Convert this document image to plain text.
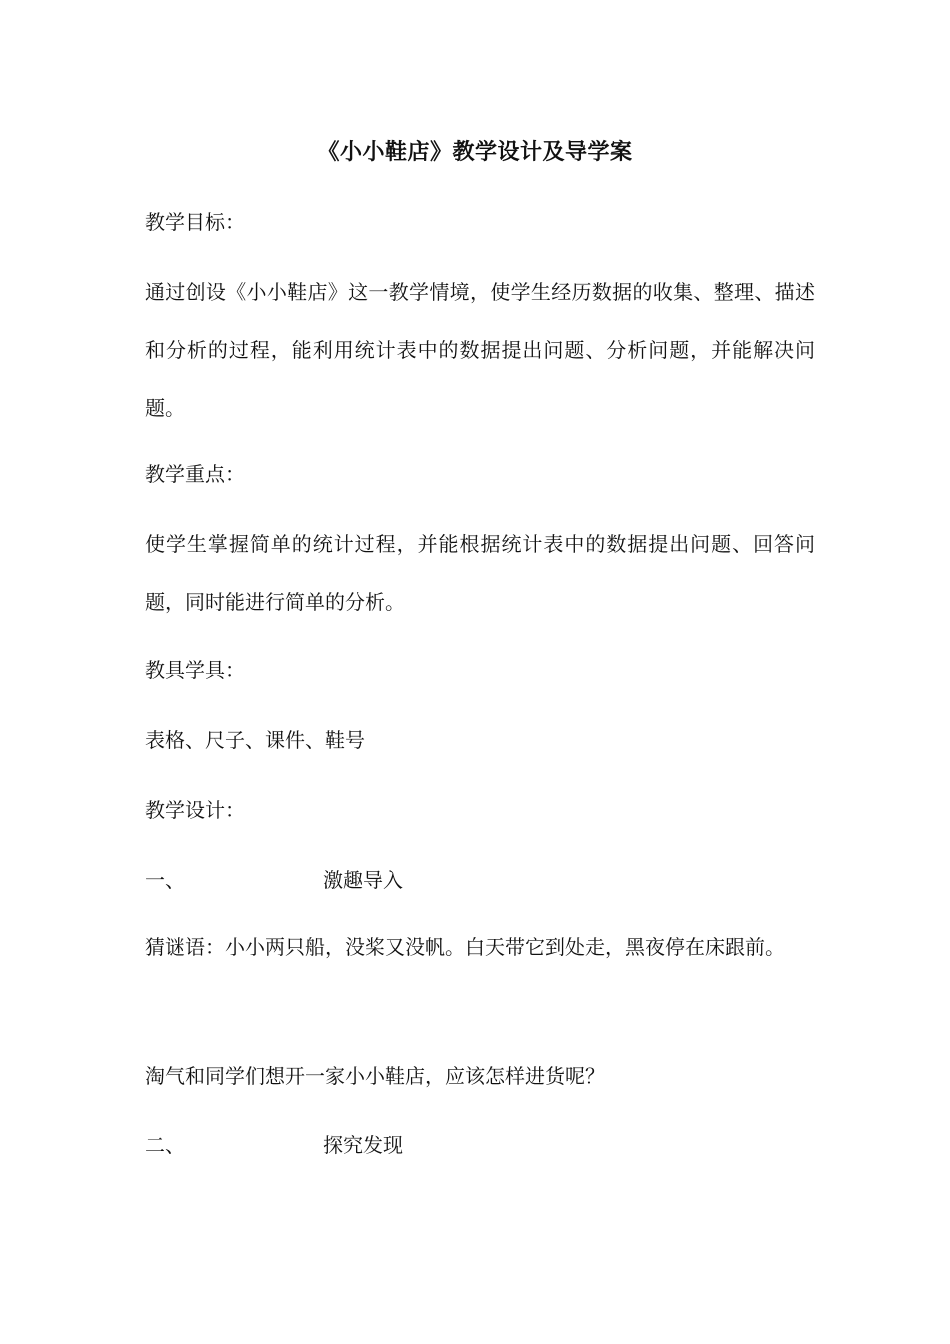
《小小鞋店》教学设计及导学案
教学目标：
通过创设《小小鞋店》这一教学情境，使学生经历数据的收集、整理、描述和分析的过程，能利用统计表中的数据提出问题、分析问题，并能解决问题。
教学重点：
使学生掌握简单的统计过程，并能根据统计表中的数据提出问题、回答问题，同时能进行简单的分析。
教具学具：
表格、尺子、课件、鞋号
教学设计：
一、	激趣导入
猜谜语：小小两只船，没桨又没帆。白天带它到处走，黑夜停在床跟前。
淘气和同学们想开一家小小鞋店，应该怎样进货呢？
二、	探究发现
